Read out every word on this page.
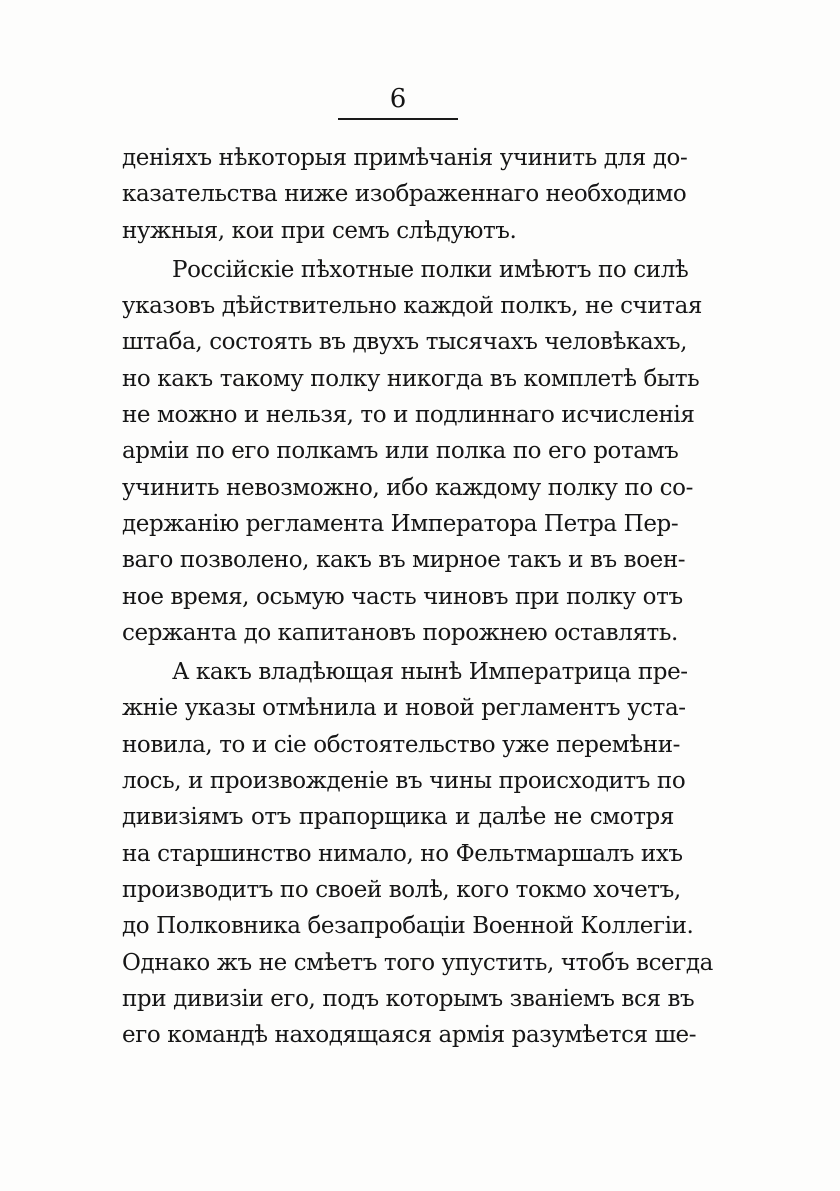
6
деніяхъ нѣкоторыя примѣчанія учинить для до-
казательства ниже изображеннаго необходимо
нужныя, кои при семъ слѣдуютъ.
Россійскіе пѣхотные полки имѣютъ по силѣ
указовъ дѣйствительно каждой полкъ, не считая
штаба, состоять въ двухъ тысячахъ человѣкахъ,
но какъ такому полку никогда въ комплетѣ быть
не можно и нельзя, то и подлиннаго исчисленія
арміи по его полкамъ или полка по его ротамъ
учинить невозможно, ибо каждому полку по со-
держанію регламента Императора Петра Пер-
ваго позволено, какъ въ мирное такъ и въ воен-
ное время, осьмую часть чиновъ при полку отъ
сержанта до капитановъ порожнею оставлять.
А какъ владѣющая нынѣ Императрица пре-
жніе указы отмѣнила и новой регламентъ уста-
новила, то и сіе обстоятельство уже перемѣни-
лось, и произвожденіе въ чины происходитъ по
дивизіямъ отъ прапорщика и далѣе не смотря
на старшинство нимало, но Фельтмаршалъ ихъ
производитъ по своей волѣ, кого токмо хочетъ,
до Полковника безапробаціи Военной Коллегіи.
Однако жъ не смѣетъ того упустить, чтобъ всегда
при дивизіи его, подъ которымъ званіемъ вся въ
его командѣ находящаяся армія разумѣется ше-
